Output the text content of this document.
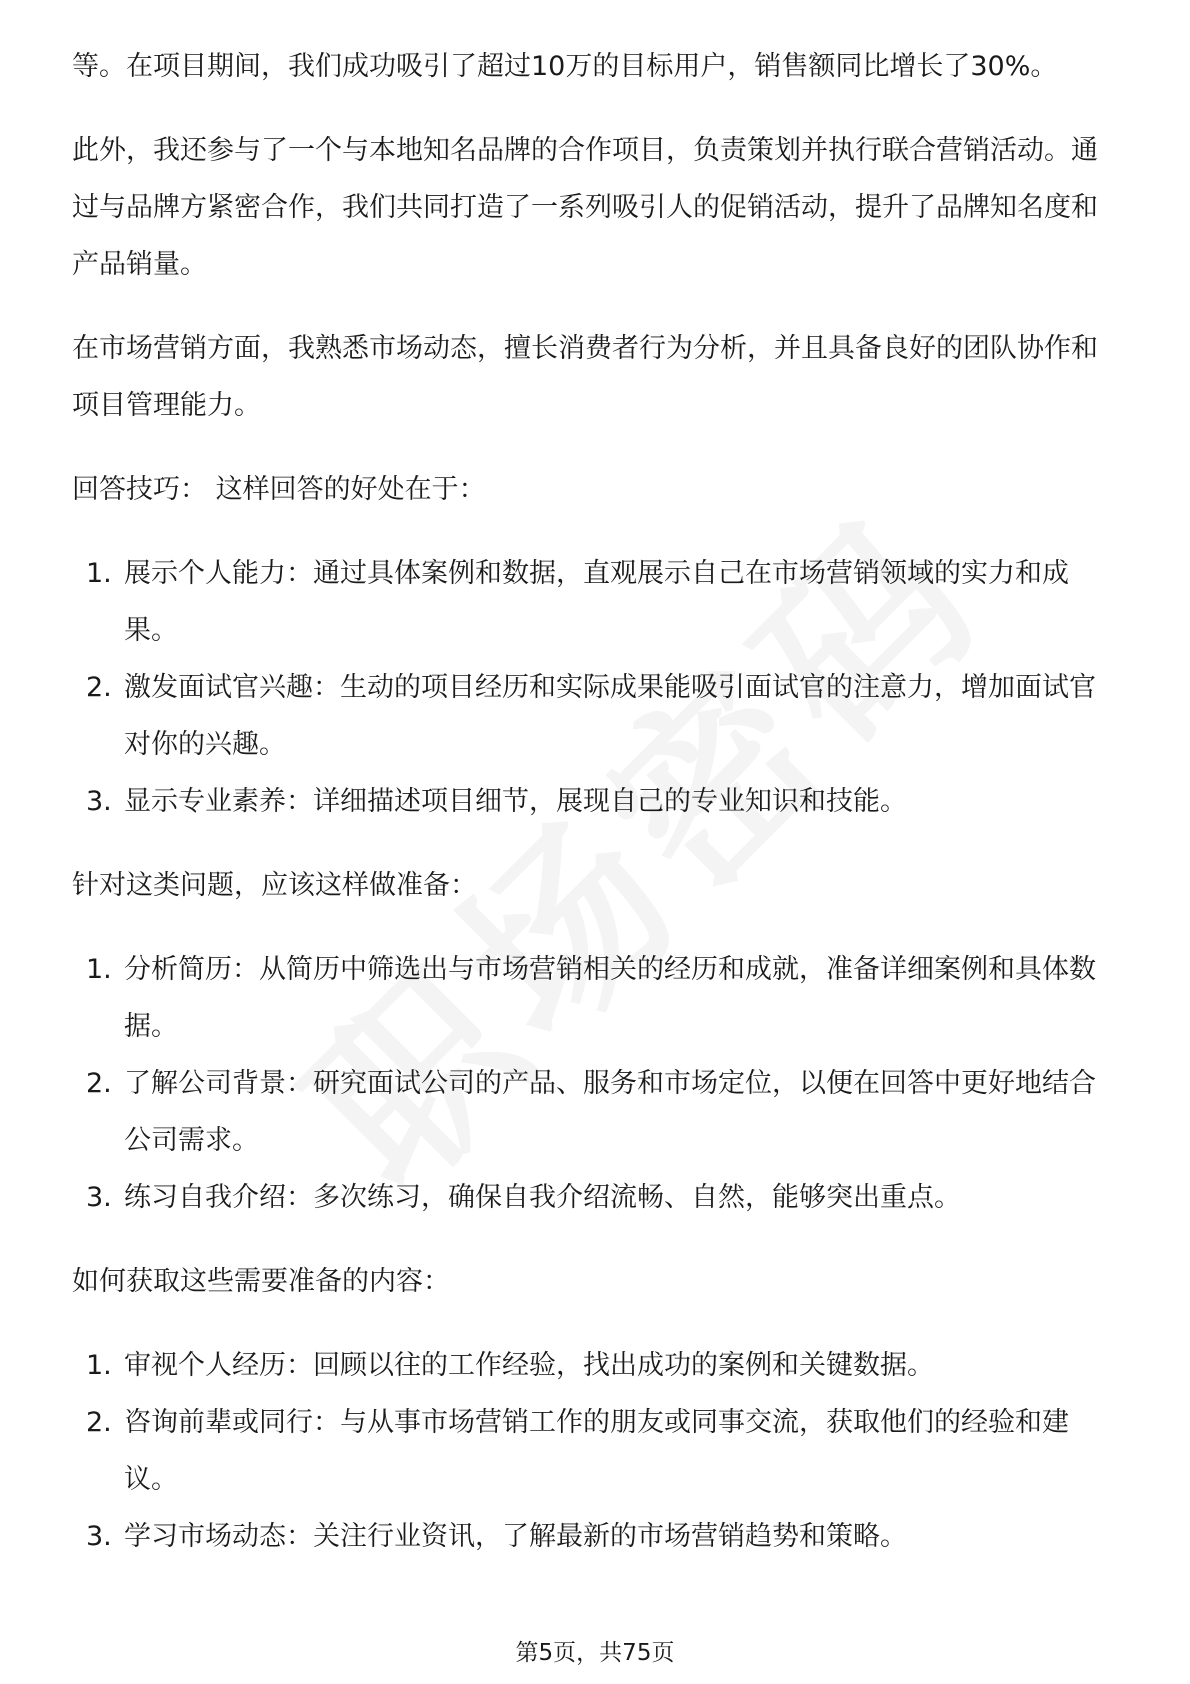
等。在项目期间，我们成功吸引了超过10万的目标用户，销售额同比增长了30%。

此外，我还参与了一个与本地知名品牌的合作项目，负责策划并执行联合营销活动。通过与品牌方紧密合作，我们共同打造了一系列吸引人的促销活动，提升了品牌知名度和产品销量。

在市场营销方面，我熟悉市场动态，擅长消费者行为分析，并且具备良好的团队协作和项目管理能力。

回答技巧： 这样回答的好处在于：

1. 展示个人能力：通过具体案例和数据，直观展示自己在市场营销领域的实力和成果。
2. 激发面试官兴趣：生动的项目经历和实际成果能吸引面试官的注意力，增加面试官对你的兴趣。
3. 显示专业素养：详细描述项目细节，展现自己的专业知识和技能。

针对这类问题，应该这样做准备：

1. 分析简历：从简历中筛选出与市场营销相关的经历和成就，准备详细案例和具体数据。
2. 了解公司背景：研究面试公司的产品、服务和市场定位，以便在回答中更好地结合公司需求。
3. 练习自我介绍：多次练习，确保自我介绍流畅、自然，能够突出重点。

如何获取这些需要准备的内容：

1. 审视个人经历：回顾以往的工作经验，找出成功的案例和关键数据。
2. 咨询前辈或同行：与从事市场营销工作的朋友或同事交流，获取他们的经验和建议。
3. 学习市场动态：关注行业资讯，了解最新的市场营销趋势和策略。
第5页，共75页
